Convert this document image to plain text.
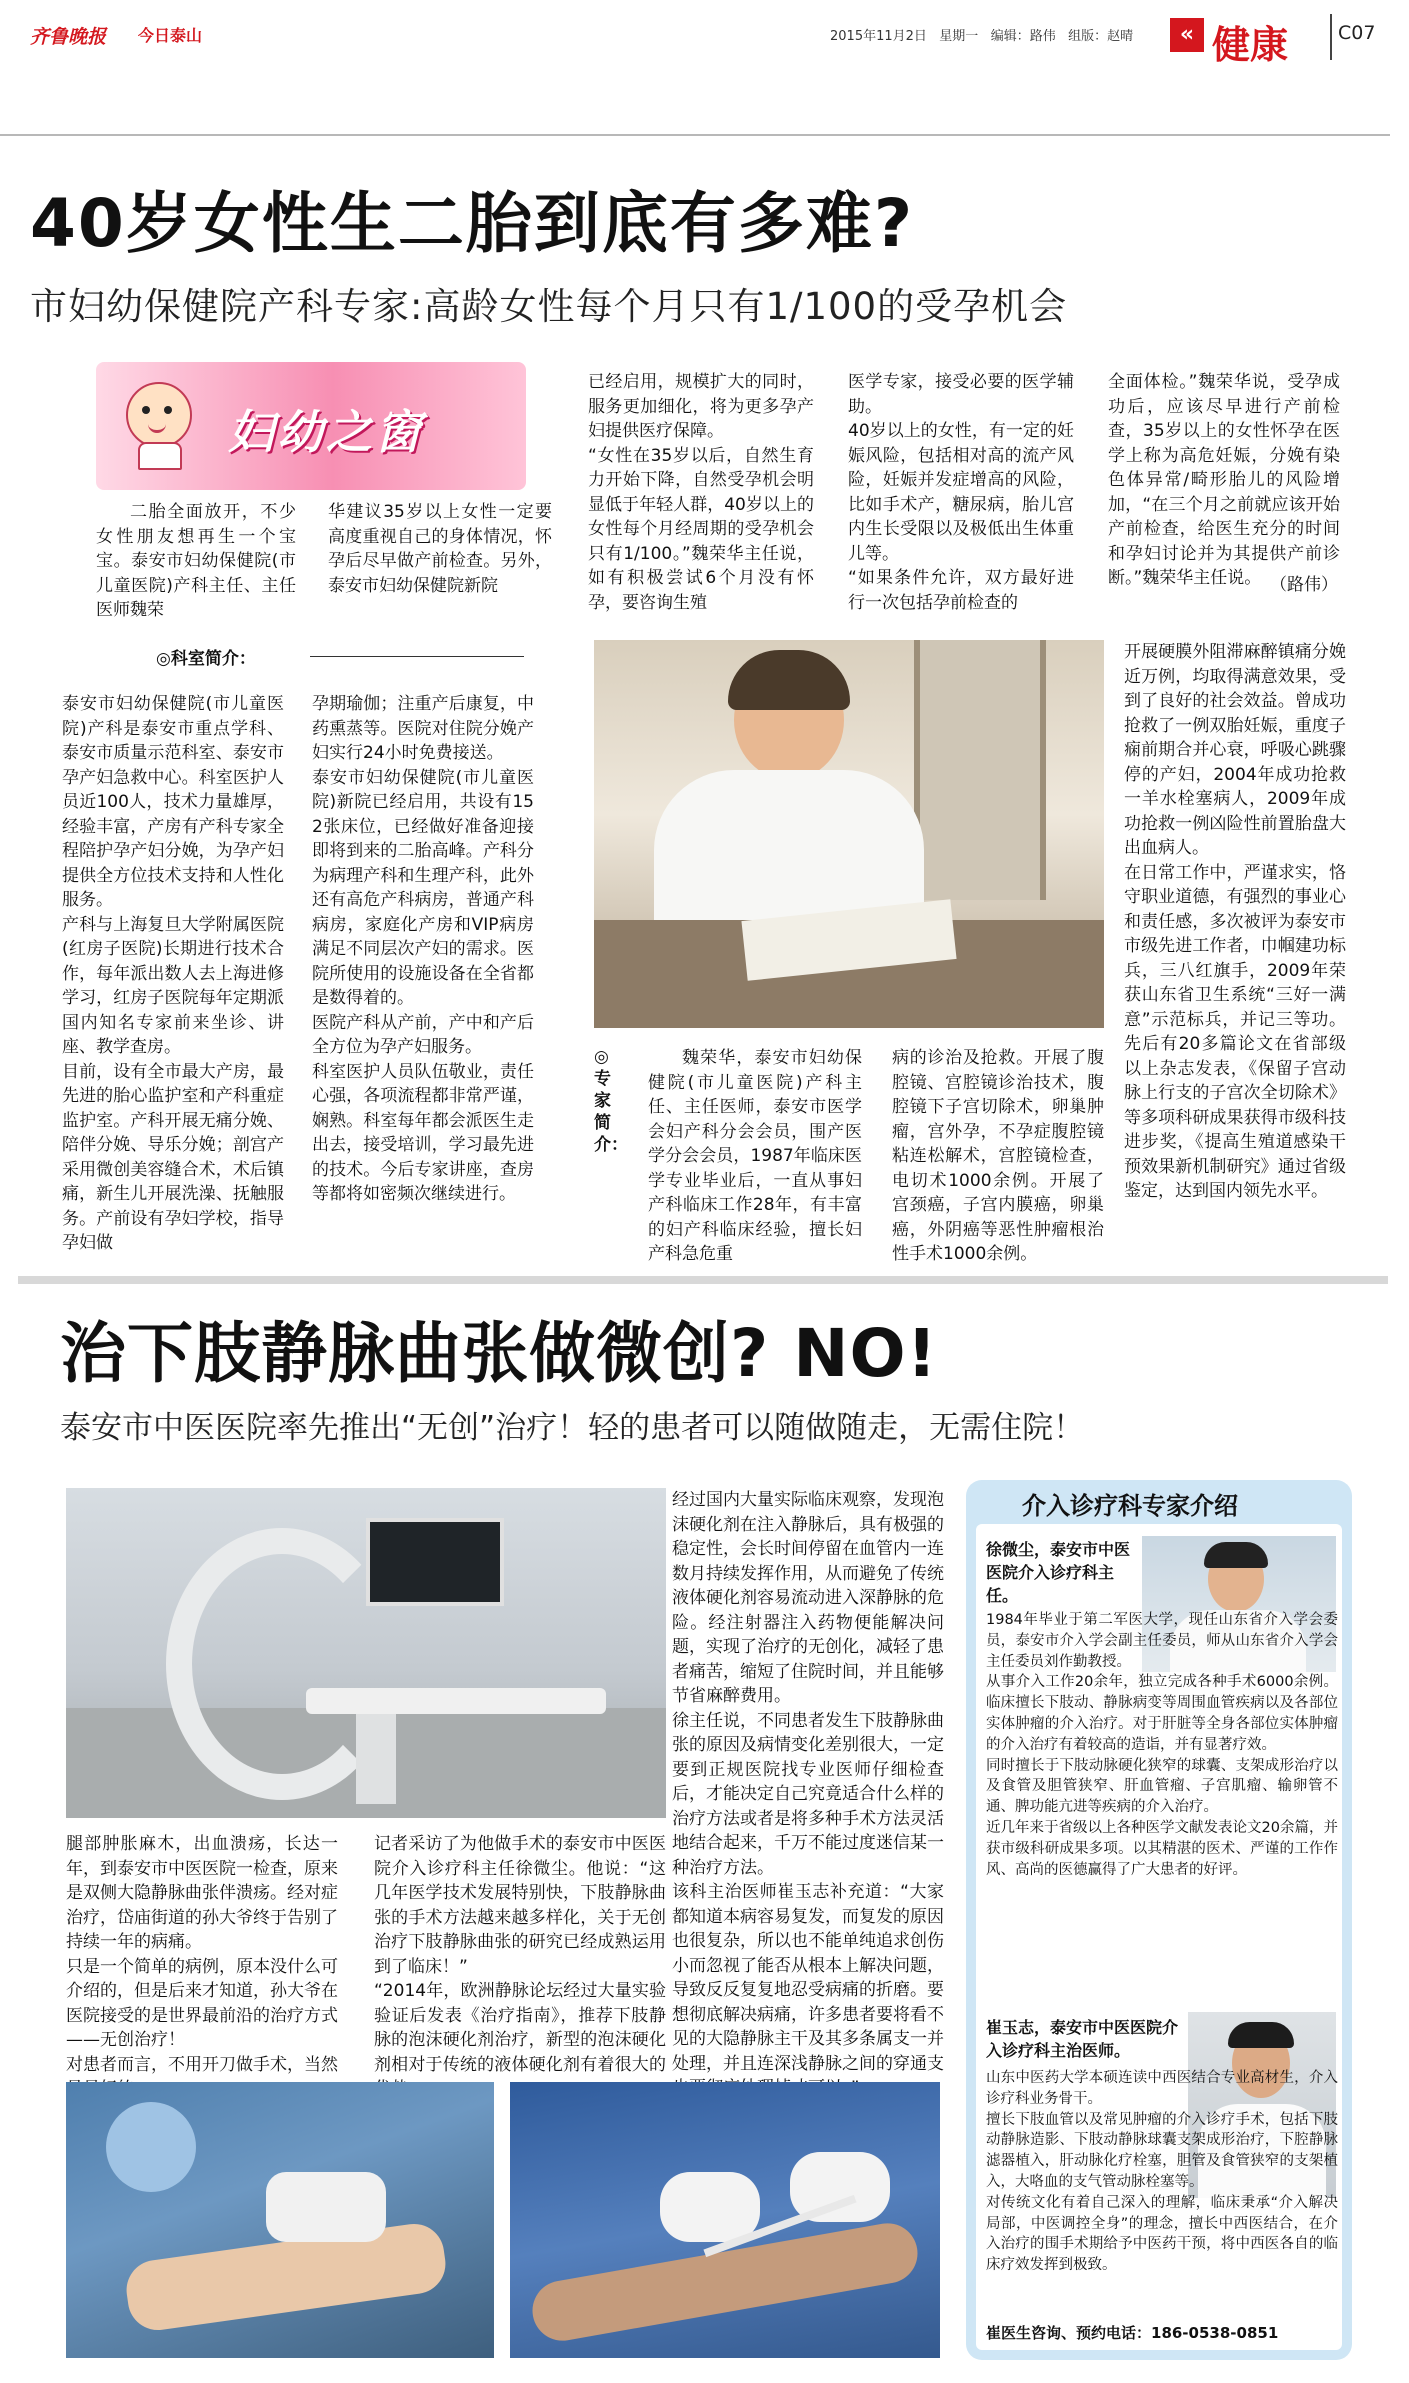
齐鲁晚报 今日泰山	2015年11月2日   星期一   编辑：路伟   组版：赵晴	« 健康	C07
40岁女性生二胎到底有多难?
市妇幼保健院产科专家:高龄女性每个月只有1/100的受孕机会
妇幼之窗

二胎全面放开，不少女性朋友想再生一个宝宝。泰安市妇幼保健院(市儿童医院)产科主任、主任医师魏荣

华建议35岁以上女性一定要高度重视自己的身体情况，怀孕后尽早做产前检查。另外，泰安市妇幼保健院新院

已经启用，规模扩大的同时，服务更加细化，将为更多孕产妇提供医疗保障。
“女性在35岁以后，自然生育力开始下降，自然受孕机会明显低于年轻人群，40岁以上的女性每个月经周期的受孕机会只有1/100。”魏荣华主任说，如有积极尝试6个月没有怀孕，要咨询生殖
医学专家，接受必要的医学辅助。
40岁以上的女性，有一定的妊娠风险，包括相对高的流产风险，妊娠并发症增高的风险，比如手术产，糖尿病，胎儿宫内生长受限以及极低出生体重儿等。
“如果条件允许，双方最好进行一次包括孕前检查的
全面体检。”魏荣华说，受孕成功后，应该尽早进行产前检查，35岁以上的女性怀孕在医学上称为高危妊娠，分娩有染色体异常/畸形胎儿的风险增加，“在三个月之前就应该开始产前检查，给医生充分的时间和孕妇讨论并为其提供产前诊断。”魏荣华主任说。 （路伟）
◎科室简介：
泰安市妇幼保健院(市儿童医院)产科是泰安市重点学科、泰安市质量示范科室、泰安市孕产妇急救中心。科室医护人员近100人，技术力量雄厚，经验丰富，产房有产科专家全程陪护孕产妇分娩，为孕产妇提供全方位技术支持和人性化服务。
产科与上海复旦大学附属医院(红房子医院)长期进行技术合作，每年派出数人去上海进修学习，红房子医院每年定期派国内知名专家前来坐诊、讲座、教学查房。
目前，设有全市最大产房，最先进的胎心监护室和产科重症监护室。产科开展无痛分娩、陪伴分娩、导乐分娩；剖宫产采用微创美容缝合术，术后镇痛，新生儿开展洗澡、抚触服务。产前设有孕妇学校，指导孕妇做
孕期瑜伽；注重产后康复，中药熏蒸等。医院对住院分娩产妇实行24小时免费接送。
泰安市妇幼保健院(市儿童医院)新院已经启用，共设有152张床位，已经做好准备迎接即将到来的二胎高峰。产科分为病理产科和生理产科，此外还有高危产科病房，普通产科病房，家庭化产房和VIP病房满足不同层次产妇的需求。医院所使用的设施设备在全省都是数得着的。
医院产科从产前，产中和产后全方位为孕产妇服务。
科室医护人员队伍敬业，责任心强，各项流程都非常严谨，娴熟。科室每年都会派医生走出去，接受培训，学习最先进的技术。今后专家讲座，查房等都将如密频次继续进行。
◎专家简介：

魏荣华，泰安市妇幼保健院(市儿童医院)产科主任、主任医师，泰安市医学会妇产科分会会员，围产医学分会会员，1987年临床医学专业毕业后，一直从事妇产科临床工作28年，有丰富的妇产科临床经验，擅长妇产科急危重

病的诊治及抢救。开展了腹腔镜、宫腔镜诊治技术，腹腔镜下子宫切除术，卵巢肿瘤，宫外孕，不孕症腹腔镜粘连松解术，宫腔镜检查，电切术1000余例。开展了宫颈癌，子宫内膜癌，卵巢癌，外阴癌等恶性肿瘤根治性手术1000余例。

开展硬膜外阻滞麻醉镇痛分娩近万例，均取得满意效果，受到了良好的社会效益。曾成功抢救了一例双胎妊娠，重度子痫前期合并心衰，呼吸心跳骤停的产妇，2004年成功抢救一羊水栓塞病人，2009年成功抢救一例凶险性前置胎盘大出血病人。
在日常工作中，严谨求实，恪守职业道德，有强烈的事业心和责任感，多次被评为泰安市市级先进工作者，巾帼建功标兵，三八红旗手，2009年荣获山东省卫生系统“三好一满意”示范标兵，并记三等功。先后有20多篇论文在省部级以上杂志发表，《保留子宫动脉上行支的子宫次全切除术》等多项科研成果获得市级科技进步奖，《提高生殖道感染干预效果新机制研究》通过省级鉴定，达到国内领先水平。

治下肢静脉曲张做微创? NO!
泰安市中医医院率先推出“无创”治疗！轻的患者可以随做随走，无需住院！
腿部肿胀麻木，出血溃疡，长达一年，到泰安市中医医院一检查，原来是双侧大隐静脉曲张伴溃疡。经对症治疗，岱庙街道的孙大爷终于告别了持续一年的病痛。
只是一个简单的病例，原本没什么可介绍的，但是后来才知道，孙大爷在医院接受的是世界最前沿的治疗方式——无创治疗！
对患者而言，不用开刀做手术，当然
记者采访了为他做手术的泰安市中医医院介入诊疗科主任徐微尘。他说：“这几年医学技术发展特别快，下肢静脉曲张的手术方法越来越多样化，关于无创治疗下肢静脉曲张的研究已经成熟运用到了临床！”
“2014年，欧洲静脉论坛经过大量实验验证后发表《治疗指南》，推荐下肢静脉的泡沫硬化剂治疗，新型的泡沫硬化剂相对于传统的液体硬化剂有着很大的
经过国内大量实际临床观察，发现泡沫硬化剂在注入静脉后，具有极强的稳定性，会长时间停留在血管内一连数月持续发挥作用，从而避免了传统液体硬化剂容易流动进入深静脉的危险。经注射器注入药物便能解决问题，实现了治疗的无创化，减轻了患者痛苦，缩短了住院时间，并且能够节省麻醉费用。
徐主任说，不同患者发生下肢静脉曲张的原因及病情变化差别很大，一定要到正规医院找专业医师仔细检查后，才能决定自己究竟适合什么样的治疗方法或者是将多种手术方法灵活地结合起来，千万不能过度迷信某一种治疗方法。
该科主治医师崔玉志补充道：“大家都知道本病容易复发，而复发的原因也很复杂，所以也不能单纯追求创伤小而忽视了能否从根本上解决问题，导致反反复复地忍受病痛的折磨。要想彻底解决病痛，许多患者要将看不见的大隐静脉主干及其多条属支一并处理，并且连深浅静脉之间的穿通支
介入诊疗科专家介绍
徐微尘，泰安市中医医院介入诊疗科主任。
1984年毕业于第二军医大学，现任山东省介入学会委员，泰安市介入学会副主任委员，师从山东省介入学会主任委员刘作勤教授。
从事介入工作20余年，独立完成各种手术6000余例。临床擅长下肢动、静脉病变等周围血管疾病以及各部位实体肿瘤的介入治疗。对于肝脏等全身各部位实体肿瘤的介入治疗有着较高的造诣，并有显著疗效。
同时擅长于下肢动脉硬化狭窄的球囊、支架成形治疗以及食管及胆管狭窄、肝血管瘤、子宫肌瘤、输卵管不通、脾功能亢进等疾病的介入治疗。
近几年来于省级以上各种医学文献发表论文20余篇，并获市级科研成果多项。以其精湛的医术、严谨的工作作风、高尚的医德赢得了广大患者的好评。
崔玉志，泰安市中医医院介入诊疗科主治医师。
山东中医药大学本硕连读中西医结合专业高材生，介入诊疗科业务骨干。
擅长下肢血管以及常见肿瘤的介入诊疗手术，包括下肢动静脉造影、下肢动静脉球囊支架成形治疗，下腔静脉滤器植入，肝动脉化疗栓塞，胆管及食管狭窄的支架植入，大咯血的支气管动脉栓塞等。
对传统文化有着自己深入的理解，临床秉承“介入解决局部，中医调控全身”的理念，擅长中西医结合，在介入治疗的围手术期给予中医药干预，将中西医各自的临床疗效发挥到极致。
崔医生咨询、预约电话：186-0538-0851
